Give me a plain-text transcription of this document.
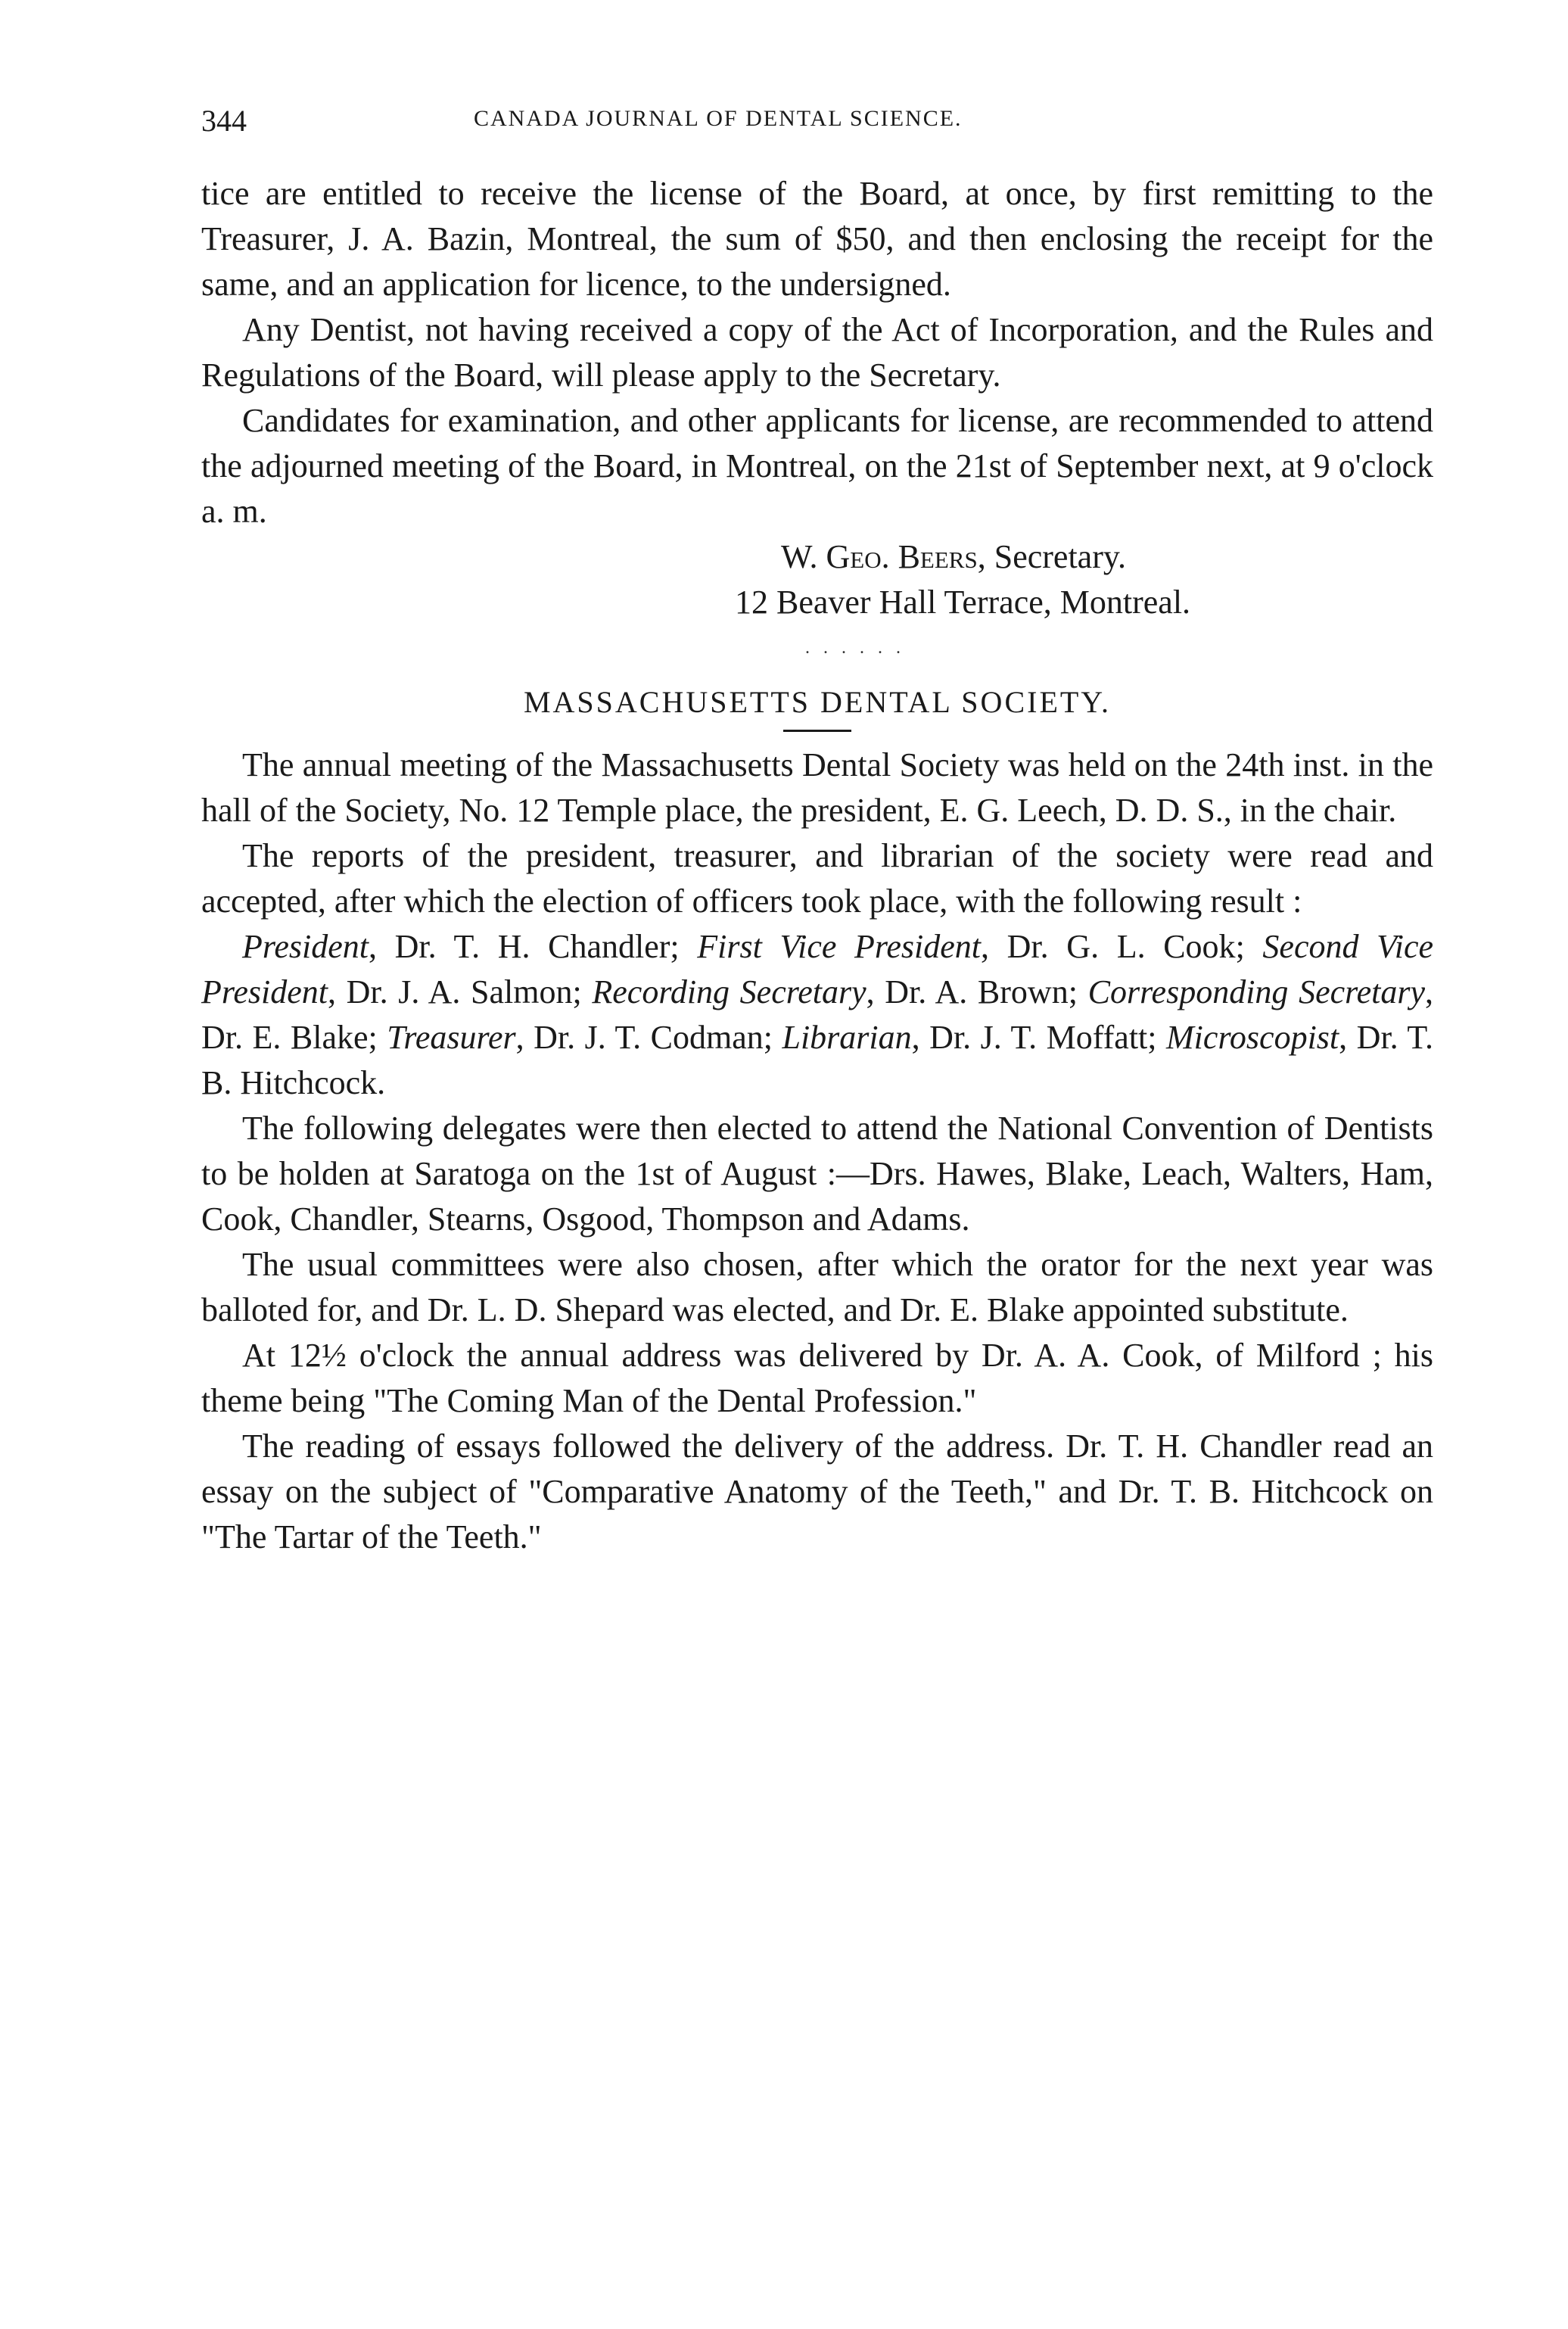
344	CANADA JOURNAL OF DENTAL SCIENCE.

tice are entitled to receive the license of the Board, at once, by first remitting to the Treasurer, J. A. Bazin, Montreal, the sum of $50, and then enclosing the receipt for the same, and an application for licence, to the undersigned.

Any Dentist, not having received a copy of the Act of Incorporation, and the Rules and Regulations of the Board, will please apply to the Secretary.

Candidates for examination, and other applicants for license, are recommended to attend the adjourned meeting of the Board, in Montreal, on the 21st of September next, at 9 o'clock a. m.

W. Geo. Beers, Secretary.
12 Beaver Hall Terrace, Montreal.
. . . . . .
MASSACHUSETTS DENTAL SOCIETY.

The annual meeting of the Massachusetts Dental Society was held on the 24th inst. in the hall of the Society, No. 12 Temple place, the president, E. G. Leech, D. D. S., in the chair.

The reports of the president, treasurer, and librarian of the society were read and accepted, after which the election of officers took place, with the following result :

President, Dr. T. H. Chandler; First Vice President, Dr. G. L. Cook; Second Vice President, Dr. J. A. Salmon; Recording Secretary, Dr. A. Brown; Corresponding Secretary, Dr. E. Blake; Treasurer, Dr. J. T. Codman; Librarian, Dr. J. T. Moffatt; Microscopist, Dr. T. B. Hitchcock.

The following delegates were then elected to attend the National Convention of Dentists to be holden at Saratoga on the 1st of August :—Drs. Hawes, Blake, Leach, Walters, Ham, Cook, Chandler, Stearns, Osgood, Thompson and Adams.

The usual committees were also chosen, after which the orator for the next year was balloted for, and Dr. L. D. Shepard was elected, and Dr. E. Blake appointed substitute.

At 12½ o'clock the annual address was delivered by Dr. A. A. Cook, of Milford ; his theme being "The Coming Man of the Dental Profession."

The reading of essays followed the delivery of the address. Dr. T. H. Chandler read an essay on the subject of "Comparative Anatomy of the Teeth," and Dr. T. B. Hitchcock on "The Tartar of the Teeth."
